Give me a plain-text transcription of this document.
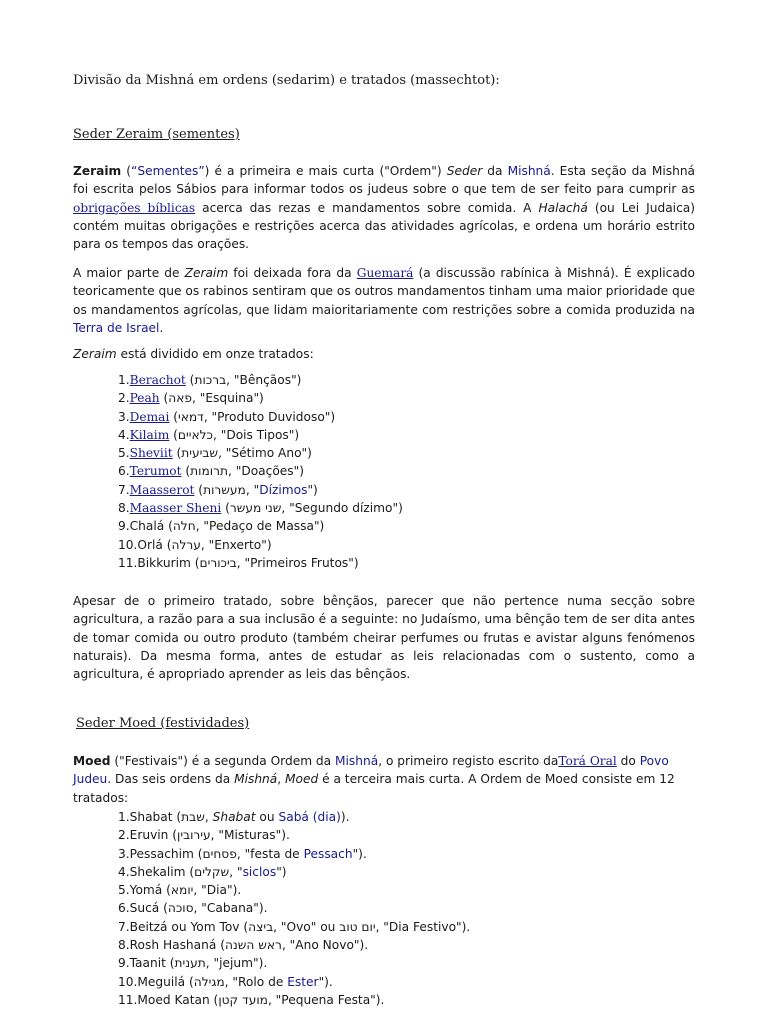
Divisão da Mishná em ordens (sedarim) e tratados (massechtot):
Seder Zeraim (sementes)

Zeraim (“Sementes”) é a primeira e mais curta ("Ordem") Seder da Mishná. Esta seção da Mishná foi escrita pelos Sábios para informar todos os judeus sobre o que tem de ser feito para cumprir as obrigações bíblicas acerca das rezas e mandamentos sobre comida. A Halachá (ou Lei Judaica) contém muitas obrigações e restrições acerca das atividades agrícolas, e ordena um horário estrito para os tempos das orações.

A maior parte de Zeraim foi deixada fora da Guemará (a discussão rabínica à Mishná). É explicado teoricamente que os rabinos sentiram que os outros mandamentos tinham uma maior prioridade que os mandamentos agrícolas, que lidam maioritariamente com restrições sobre a comida produzida na Terra de Israel.

Zeraim está dividido em onze tratados:

1.Berachot (ברכות, "Bênçãos")
2.Peah (פאה, "Esquina")
3.Demai (דמאי, "Produto Duvidoso")
4.Kilaim (כלאיים, "Dois Tipos")
5.Sheviit (שביעית, "Sétimo Ano")
6.Terumot (תרומות, "Doações")
7.Maasserot (מעשרות, "Dízimos")
8.Maasser Sheni (שני מעשר, "Segundo dízimo")
9.Chalá (חלה, "Pedaço de Massa")
10.Orlá (ערלה, "Enxerto")
11.Bikkurim (ביכורים, "Primeiros Frutos")

Apesar de o primeiro tratado, sobre bênçãos, parecer que não pertence numa secção sobre agricultura, a razão para a sua inclusão é a seguinte: no Judaísmo, uma bênção tem de ser dita antes de tomar comida ou outro produto (também cheirar perfumes ou frutas e avistar alguns fenómenos naturais). Da mesma forma, antes de estudar as leis relacionadas com o sustento, como a agricultura, é apropriado aprender as leis das bênçãos.

Seder Moed (festividades)

Moed ("Festivais") é a segunda Ordem da Mishná, o primeiro registo escrito daTorá Oral do Povo Judeu. Das seis ordens da Mishná, Moed é a terceira mais curta. A Ordem de Moed consiste em 12 tratados:

1.Shabat (שבת, Shabat ou Sabá (dia)).
2.Eruvin (עירובין, "Misturas").
3.Pessachim (פסחים, "festa de Pessach").
4.Shekalim (שקלים, "siclos")
5.Yomá (יומא, "Dia").
6.Sucá (סוכה, "Cabana").
7.Beitzá ou Yom Tov (ביצה, "Ovo" ou יום טוב, "Dia Festivo").
8.Rosh Hashaná (ראש השנה, "Ano Novo").
9.Taanit (תענית, "jejum").
10.Meguilá (מגילה, "Rolo de Ester").
11.Moed Katan (מועד קטן, "Pequena Festa").
